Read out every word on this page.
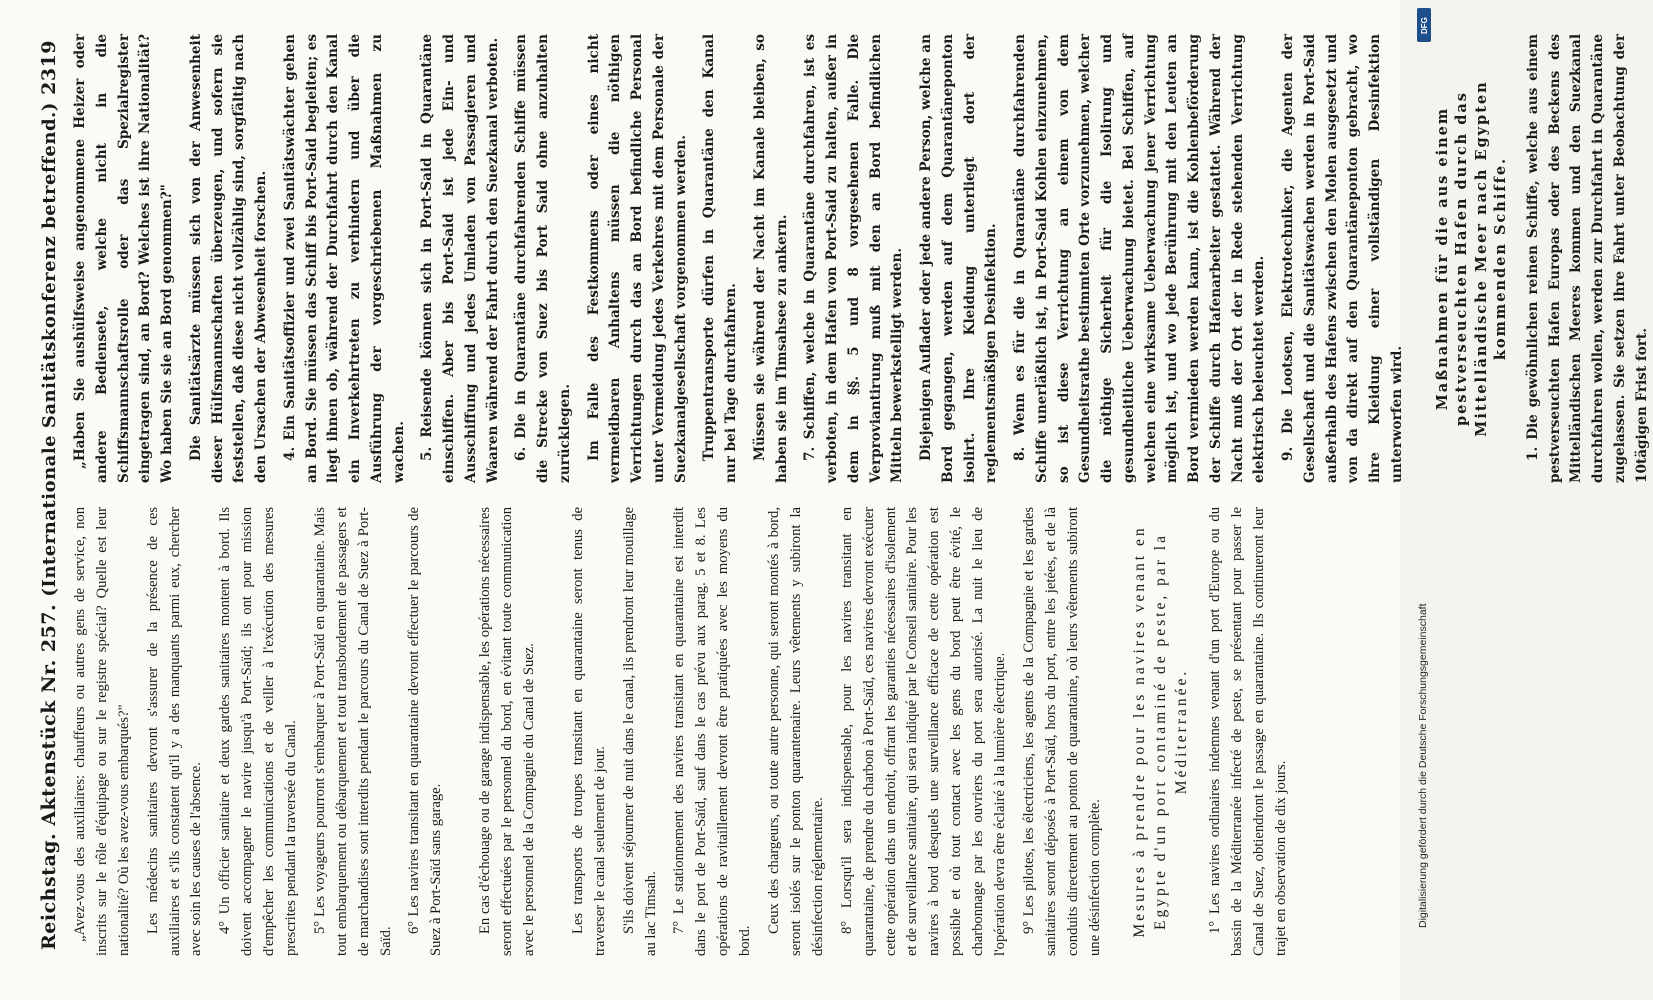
Reichstag. Aktenstück Nr. 257.
(Internationale Sanitätskonferenz betreffend.)
2319

„Avez-vous des auxiliaires: chauffeurs ou autres gens de service, non inscrits sur le rôle d'équipage ou sur le registre spécial? Quelle est leur nationalité? Où les avez-vous embarqués?" Les médecins sanitaires devront s'assurer de la présence de ces auxiliaires et s'ils constatent qu'il y a des manquants parmi eux, chercher avec soin les causes de l'absence. 4° Un officier sanitaire et deux gardes sanitaires montent à bord. Ils doivent accompagner le navire jusqu'à Port-Saïd; ils ont pour mission d'empêcher les communications et de veiller à l'exécution des mesures prescrites pendant la traversée du Canal. 5° Les voyageurs pourront s'embarquer à Port-Saïd en quarantaine. Mais tout embarquement ou débarquement et tout transbordement de passagers et de marchandises sont interdits pendant le parcours du Canal de Suez à Port-Saïd.

6° Les navires transitant en quarantaine devront effectuer le parcours de Suez à Port-Saïd sans garage. En cas d'échouage ou de garage indispensable, les opérations nécessaires seront effectuées par le personnel du bord, en évitant toute communication avec le personnel de la Compagnie du Canal de Suez. Les transports de troupes transitant en quarantaine seront tenus de traverser le canal seulement de jour. S'ils doivent séjourner de nuit dans le canal, ils prendront leur mouillage au lac Timsah. 7° Le stationnement des navires transitant en quarantaine est interdit dans le port de Port-Saïd, sauf dans le cas prévu aux parag. 5 et 8. Les opérations de ravitaillement devront être pratiquées avec les moyens du bord.

Ceux des chargeurs, ou toute autre personne, qui seront montés à bord, seront isolés sur le ponton quarantenaire. Leurs vêtements y subiront la désinfection réglementaire. 8° Lorsqu'il sera indispensable, pour les navires transitant en quarantaine, de prendre du charbon à Port-Saïd, ces navires devront exécuter cette opération dans un endroit, offrant les garanties nécessaires d'isolement et de surveillance sanitaire, qui sera indiqué par le Conseil sanitaire. Pour les navires à bord desquels une surveillance efficace de cette opération est possible et où tout contact avec les gens du bord peut être évité, le charbonnage par les ouvriers du port sera autorisé. La nuit le lieu de l'opération devra être éclairé à la lumière électrique. 9° Les pilotes, les électriciens, les agents de la Compagnie et les gardes sanitaires seront déposés à Port-Saïd, hors du port, entre les jetées, et de là conduits directement au ponton de quarantaine, où leurs vêtements subiront une désinfection complète. Mesures à prendre pour les navires venant en Egypte d'un port contaminé de peste, par la Méditerranée. 1° Les navires ordinaires indemnes venant d'un port d'Europe ou du bassin de la Méditerranée infecté de peste, se présentant pour passer le Canal de Suez, obtiendront le passage en quarantaine. Ils continueront leur trajet en observation de dix jours.

„Haben Sie aushülfsweise angenommene Heizer oder andere Bediensete, welche nicht in die Schiffsmannschaftsrolle oder das Spezialregister eingetragen sind, an Bord? Welches ist ihre Nationalität? Wo haben Sie sie an Bord genommen?" Die Sanitätsärzte müssen sich von der Anwesenheit dieser Hülfsmannschaften überzeugen, und sofern sie feststellen, daß diese nicht vollzählig sind, sorgfältig nach den Ursachen der Abwesenheit forschen. 4. Ein Sanitätsoffizier und zwei Sanitätswächter gehen an Bord. Sie müssen das Schiff bis Port-Said begleiten; es liegt ihnen ob, während der Durchfahrt durch den Kanal ein Inverkehrtreten zu verhindern und über die Ausführung der vorgeschriebenen Maßnahmen zu wachen. 5. Reisende können sich in Port-Said in Quarantäne einschiffen. Aber bis Port-Said ist jede Ein- und Ausschiffung und jedes Umladen von Passagieren und Waaren während der Fahrt durch den Suezkanal verboten. 6. Die in Quarantäne durchfahrenden Schiffe müssen die Strecke von Suez bis Port Said ohne anzuhalten zurücklegen. Im Falle des Festkommens oder eines nicht vermeidbaren Anhaltens müssen die nöthigen Verrichtungen durch das an Bord befindliche Personal unter Vermeidung jedes Verkehres mit dem Personale der Suezkanalgesellschaft vorgenommen werden. Truppentransporte dürfen in Quarantäne den Kanal nur bei Tage durchfahren. Müssen sie während der Nacht im Kanale bleiben, so haben sie im Timsahsee zu ankern. 7. Schiffen, welche in Quarantäne durchfahren, ist es verboten, in dem Hafen von Port-Said zu halten, außer in dem in §§. 5 und 8 vorgesehenen Falle. Die Verproviantirung muß mit den an Bord befindlichen Mitteln bewerkstelligt werden. Diejenigen Auflader oder jede andere Person, welche an Bord gegangen, werden auf dem Quarantäneponton isolirt. Ihre Kleidung unterliegt dort der reglementsmäßigen Desinfektion. 8. Wenn es für die in Quarantäne durchfahrenden Schiffe unerläßlich ist, in Port-Said Kohlen einzunehmen, so ist diese Verrichtung an einem von dem Gesundheitsrathe bestimmten Orte vorzunehmen, welcher die nöthige Sicherheit für die Isolirung und gesundheitliche Ueberwachung bietet. Bei Schiffen, auf welchen eine wirksame Ueberwachung jener Verrichtung möglich ist, und wo jede Berührung mit den Leuten an Bord vermieden werden kann, ist die Kohlenbeförderung der Schiffe durch Hafenarbeiter gestattet. Während der Nacht muß der Ort der in Rede stehenden Verrichtung elektrisch beleuchtet werden. 9. Die Lootsen, Elektrotechniker, die Agenten der Gesellschaft und die Sanitätswachen werden in Port-Said außerhalb des Hafens zwischen den Molen ausgesetzt und von da direkt auf den Quarantäneponton gebracht, wo ihre Kleidung einer vollständigen Desinfektion unterworfen wird.

Maßnahmen für die aus einem pestverseuchten Hafen durch das Mittelländische Meer nach Egypten kommenden Schiffe. 1. Die gewöhnlichen reinen Schiffe, welche aus einem pestverseuchten Hafen Europas oder des Beckens des Mittelländischen Meeres kommen und den Suezkanal durchfahren wollen, werden zur Durchfahrt in Quarantäne zugelassen. Sie setzen ihre Fahrt unter Beobachtung der 10tägigen Frist fort.

DFG
Digitalisierung gefördert durch die Deutsche Forschungsgemeinschaft
